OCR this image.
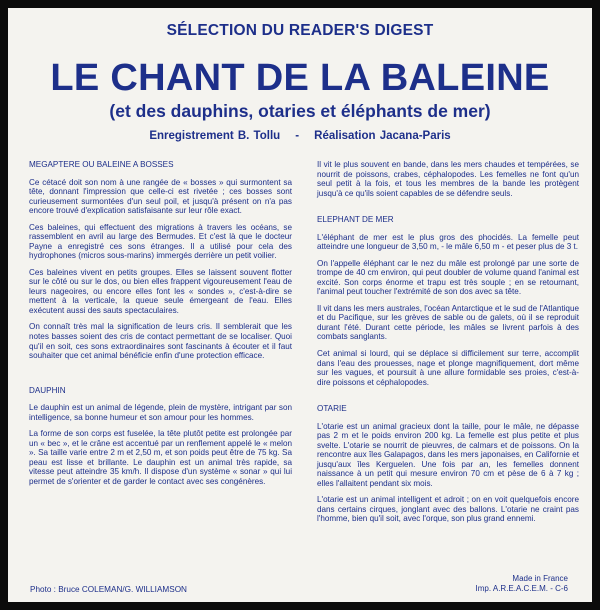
SÉLECTION DU READER'S DIGEST
LE CHANT DE LA BALEINE
(et des dauphins, otaries et éléphants de mer)
Enregistrement B. Tollu - Réalisation Jacana-Paris
MEGAPTERE OU BALEINE A BOSSES

Ce cétacé doit son nom à une rangée de « bosses » qui surmontent sa tête, donnant l'impression que celle-ci est rivetée ; ces bosses sont curieusement surmontées d'un seul poil, et jusqu'à présent on n'a pas encore trouvé d'explication satisfaisante sur leur rôle exact.

Ces baleines, qui effectuent des migrations à travers les océans, se rassemblent en avril au large des Bermudes. Et c'est là que le docteur Payne a enregistré ces sons étranges. Il a utilisé pour cela des hydrophones (micros sous-marins) immergés derrière un petit voilier.

Ces baleines vivent en petits groupes. Elles se laissent souvent flotter sur le côté ou sur le dos, ou bien elles frappent vigoureusement l'eau de leurs nageoires, ou encore elles font les « sondes », c'est-à-dire se mettent à la verticale, la queue seule émergeant de l'eau. Elles exécutent aussi des sauts spectaculaires.

On connaît très mal la signification de leurs cris. Il semblerait que les notes basses soient des cris de contact permettant de se localiser. Quoi qu'il en soit, ces sons extraordinaires sont fascinants à écouter et il faut souhaiter que cet animal bénéficie enfin d'une protection efficace.

DAUPHIN

Le dauphin est un animal de légende, plein de mystère, intrigant par son intelligence, sa bonne humeur et son amour pour les hommes.

La forme de son corps est fuselée, la tête plutôt petite est prolongée par un « bec », et le crâne est accentué par un renflement appelé le « melon ». Sa taille varie entre 2 m et 2,50 m, et son poids peut être de 75 kg. Sa peau est lisse et brillante. Le dauphin est un animal très rapide, sa vitesse peut atteindre 35 km/h. Il dispose d'un système « sonar » qui lui permet de s'orienter et de garder le contact avec ses congénères.

Il vit le plus souvent en bande, dans les mers chaudes et tempérées, se nourrit de poissons, crabes, céphalopodes. Les femelles ne font qu'un seul petit à la fois, et tous les membres de la bande les protègent jusqu'à ce qu'ils soient capables de se défendre seuls.

ELEPHANT DE MER

L'éléphant de mer est le plus gros des phocidés. La femelle peut atteindre une longueur de 3,50 m, - le mâle 6,50 m - et peser plus de 3 t.

On l'appelle éléphant car le nez du mâle est prolongé par une sorte de trompe de 40 cm environ, qui peut doubler de volume quand l'animal est excité. Son corps énorme et trapu est très souple ; en se retournant, l'animal peut toucher l'extrémité de son dos avec sa tête.

Il vit dans les mers australes, l'océan Antarctique et le sud de l'Atlantique et du Pacifique, sur les grèves de sable ou de galets, où il se reproduit durant l'été. Durant cette période, les mâles se livrent parfois à des combats sanglants.

Cet animal si lourd, qui se déplace si difficilement sur terre, accomplit dans l'eau des prouesses, nage et plonge magnifiquement, dort même sur les vagues, et poursuit à une allure formidable ses proies, c'est-à-dire poissons et céphalopodes.

OTARIE

L'otarie est un animal gracieux dont la taille, pour le mâle, ne dépasse pas 2 m et le poids environ 200 kg. La femelle est plus petite et plus svelte. L'otarie se nourrit de pieuvres, de calmars et de poissons. On la rencontre aux îles Galapagos, dans les mers japonaises, en Californie et jusqu'aux îles Kerguelen. Une fois par an, les femelles donnent naissance à un petit qui mesure environ 70 cm et pèse de 6 à 7 kg ; elles l'allaitent pendant six mois.

L'otarie est un animal intelligent et adroit ; on en voit quelquefois encore dans certains cirques, jonglant avec des ballons. L'otarie ne craint pas l'homme, bien qu'il soit, avec l'orque, son plus grand ennemi.

Photo : Bruce COLEMAN/G. WILLIAMSON
Made in France
Imp. A.R.E.A.C.E.M. - C-6
